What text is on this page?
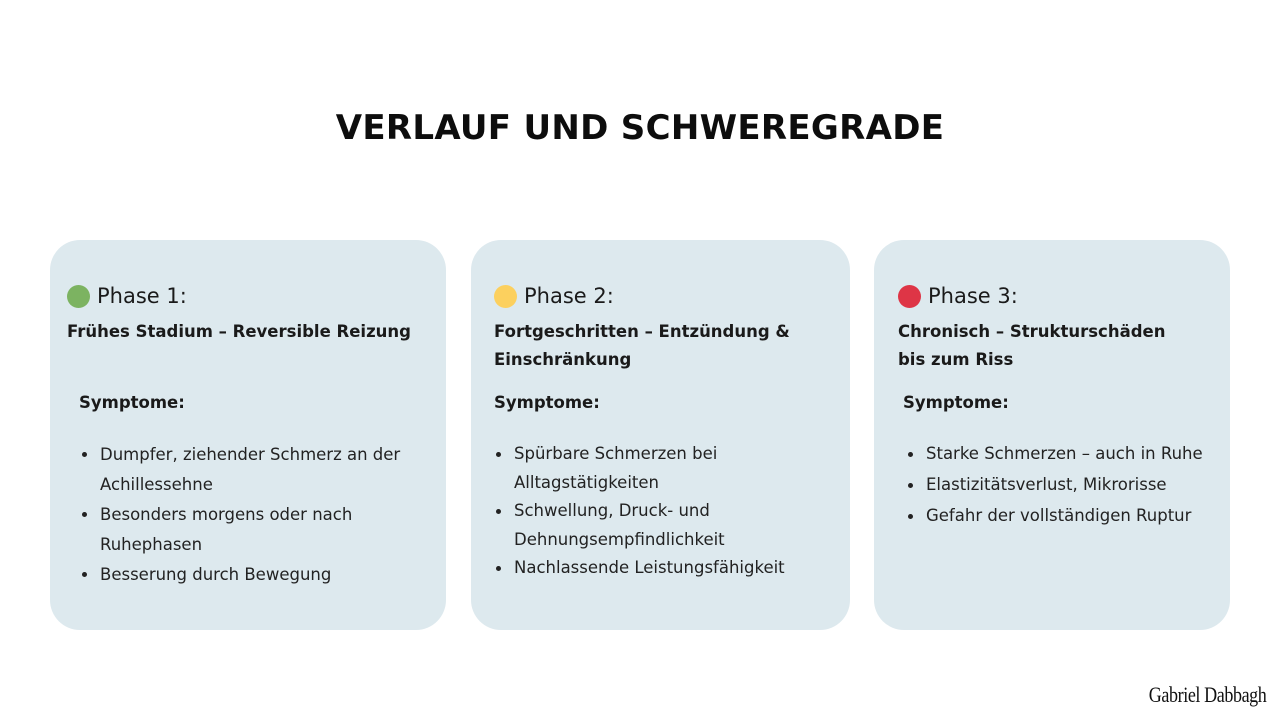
VERLAUF UND SCHWEREGRADE
Phase 1:
Frühes Stadium – Reversible Reizung
Symptome:
Dumpfer, ziehender Schmerz an der Achillessehne
Besonders morgens oder nach Ruhephasen
Besserung durch Bewegung
Phase 2:
Fortgeschritten – Entzündung & Einschränkung
Symptome:
Spürbare Schmerzen bei Alltagstätigkeiten
Schwellung, Druck- und Dehnungsempfindlichkeit
Nachlassende Leistungsfähigkeit
Phase 3:
Chronisch – Strukturschäden bis zum Riss
Symptome:
Starke Schmerzen – auch in Ruhe
Elastizitätsverlust, Mikrorisse
Gefahr der vollständigen Ruptur
Gabriel Dabbagh
